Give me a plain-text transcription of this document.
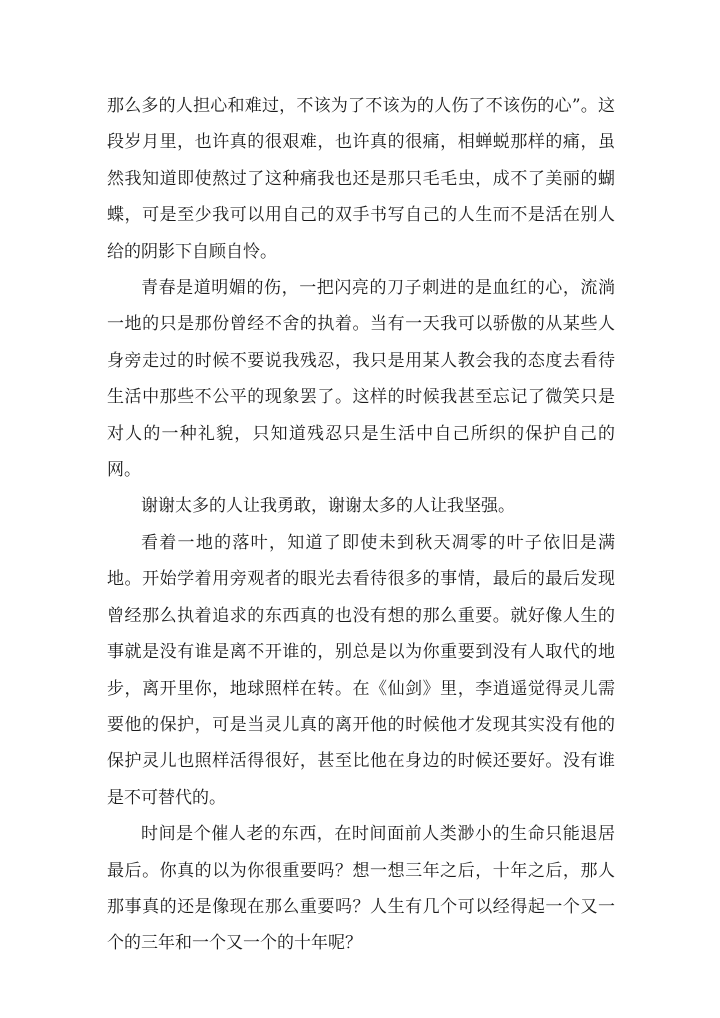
那么多的人担心和难过，不该为了不该为的人伤了不该伤的心”。这段岁月里，也许真的很艰难，也许真的很痛，相蝉蜕那样的痛，虽然我知道即使熬过了这种痛我也还是那只毛毛虫，成不了美丽的蝴蝶，可是至少我可以用自己的双手书写自己的人生而不是活在别人给的阴影下自顾自怜。

青春是道明媚的伤，一把闪亮的刀子刺进的是血红的心，流淌一地的只是那份曾经不舍的执着。当有一天我可以骄傲的从某些人身旁走过的时候不要说我残忍，我只是用某人教会我的态度去看待生活中那些不公平的现象罢了。这样的时候我甚至忘记了微笑只是对人的一种礼貌，只知道残忍只是生活中自己所织的保护自己的网。

谢谢太多的人让我勇敢，谢谢太多的人让我坚强。

看着一地的落叶，知道了即使未到秋天凋零的叶子依旧是满地。开始学着用旁观者的眼光去看待很多的事情，最后的最后发现曾经那么执着追求的东西真的也没有想的那么重要。就好像人生的事就是没有谁是离不开谁的，别总是以为你重要到没有人取代的地步，离开里你，地球照样在转。在《仙剑》里，李逍遥觉得灵儿需要他的保护，可是当灵儿真的离开他的时候他才发现其实没有他的保护灵儿也照样活得很好，甚至比他在身边的时候还要好。没有谁是不可替代的。

时间是个催人老的东西，在时间面前人类渺小的生命只能退居最后。你真的以为你很重要吗？想一想三年之后，十年之后，那人那事真的还是像现在那么重要吗？人生有几个可以经得起一个又一个的三年和一个又一个的十年呢？
